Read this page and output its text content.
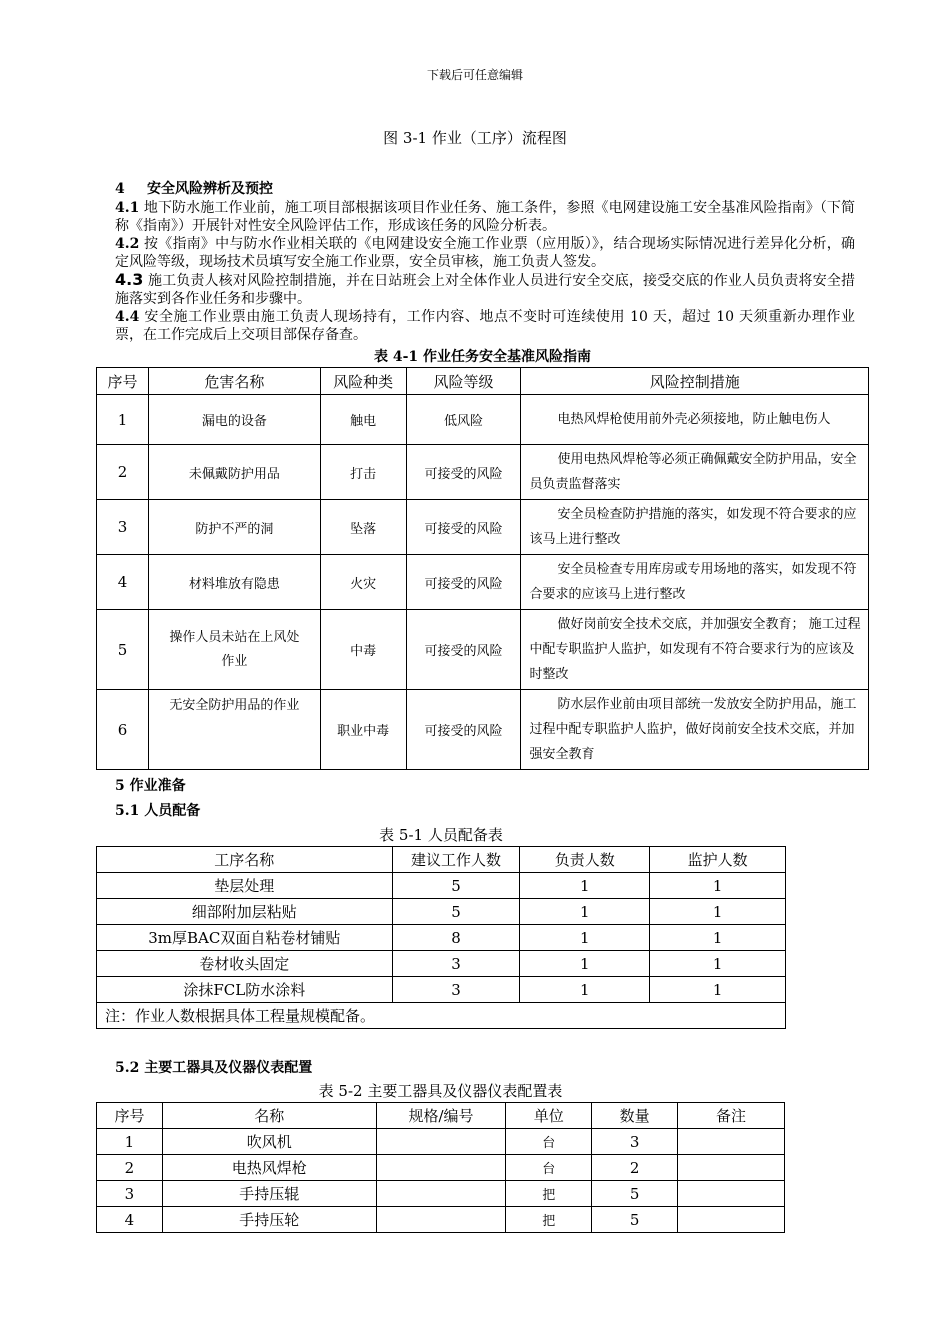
下载后可任意编辑
图 3-1 作业（工序）流程图
4 安全风险辨析及预控

4.1 地下防水施工作业前，施工项目部根据该项目作业任务、施工条件，参照《电网建设施工安全基准风险指南》（下简称《指南》）开展针对性安全风险评估工作，形成该任务的风险分析表。

4.2 按《指南》中与防水作业相关联的《电网建设安全施工作业票（应用版）》，结合现场实际情况进行差异化分析，确定风险等级，现场技术员填写安全施工作业票，安全员审核，施工负责人签发。

4.3 施工负责人核对风险控制措施，并在日站班会上对全体作业人员进行安全交底，接受交底的作业人员负责将安全措施落实到各作业任务和步骤中。

4.4 安全施工作业票由施工负责人现场持有，工作内容、地点不变时可连续使用 10 天，超过 10 天须重新办理作业票，在工作完成后上交项目部保存备查。

表 4-1 作业任务安全基准风险指南
序号	危害名称	风险种类	风险等级	风险控制措施
1	漏电的设备	触电	低风险	电热风焊枪使用前外壳必须接地，防止触电伤人
2	未佩戴防护用品	打击	可接受的风险	使用电热风焊枪等必须正确佩戴安全防护用品，安全员负责监督落实
3	防护不严的洞	坠落	可接受的风险	安全员检查防护措施的落实，如发现不符合要求的应该马上进行整改
4	材料堆放有隐患	火灾	可接受的风险	安全员检查专用库房或专用场地的落实，如发现不符合要求的应该马上进行整改
5	操作人员未站在上风处作业	中毒	可接受的风险	做好岗前安全技术交底，并加强安全教育； 施工过程中配专职监护人监护，如发现有不符合要求行为的应该及时整改
6	无安全防护用品的作业	职业中毒	可接受的风险	防水层作业前由项目部统一发放安全防护用品，施工过程中配专职监护人监护，做好岗前安全技术交底，并加强安全教育
5 作业准备
5.1 人员配备
表 5-1 人员配备表
工序名称	建议工作人数	负责人数	监护人数
垫层处理	5	1	1
细部附加层粘贴	5	1	1
3m厚BAC双面自粘卷材铺贴	8	1	1
卷材收头固定	3	1	1
涂抹FCL防水涂料	3	1	1
注：作业人数根据具体工程量规模配备。			
5.2 主要工器具及仪器仪表配置
表 5-2 主要工器具及仪器仪表配置表
序号	名称	规格/编号	单位	数量	备注
1	吹风机		台	3	
2	电热风焊枪		台	2	
3	手持压辊		把	5	
4	手持压轮		把	5	
